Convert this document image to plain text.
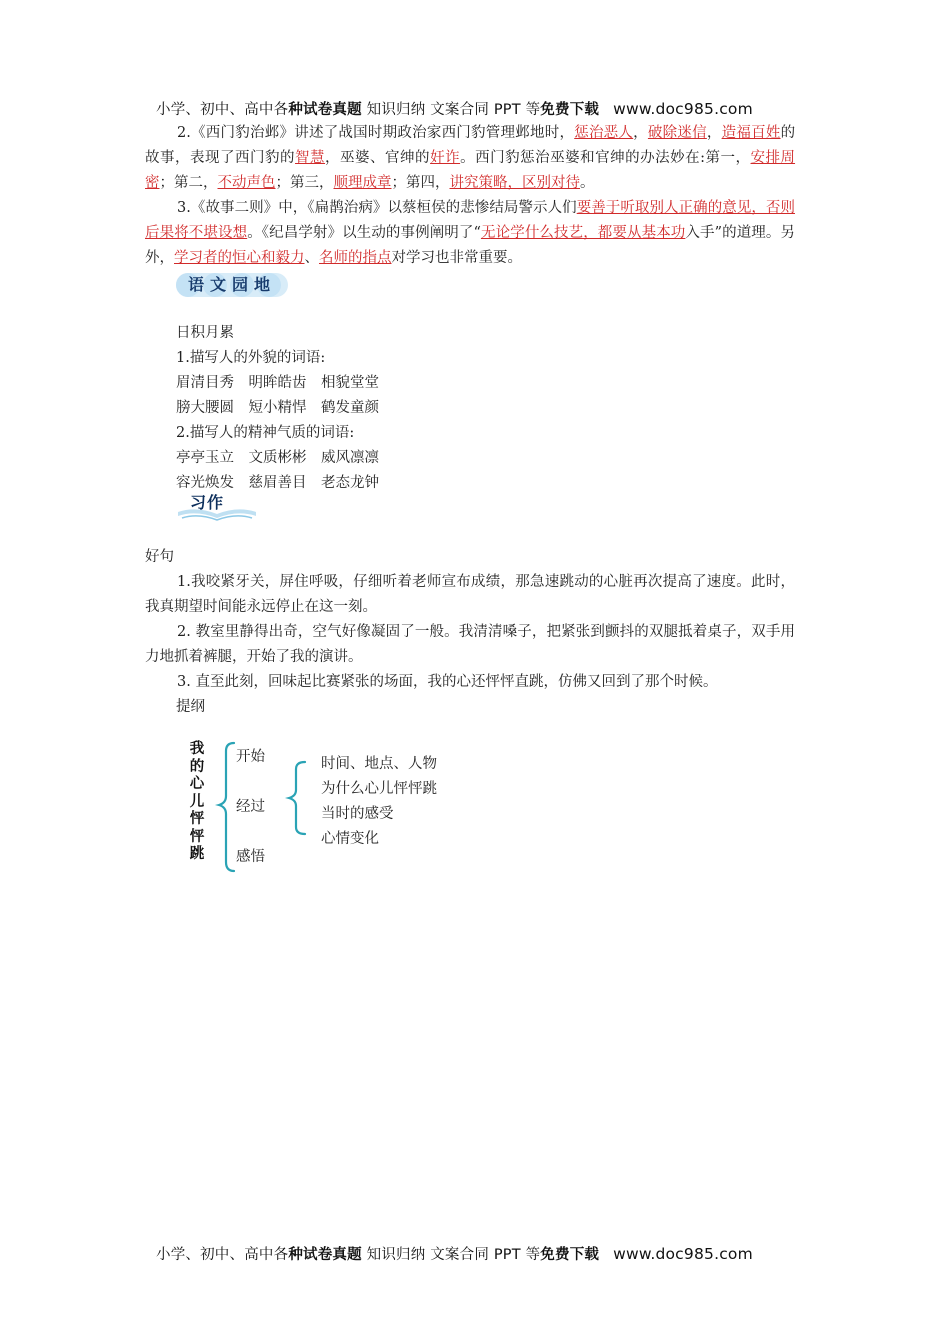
小学、初中、高中各种试卷真题 知识归纳 文案合同 PPT 等免费下载 www.doc985.com
2.《西门豹治邺》讲述了战国时期政治家西门豹管理邺地时，惩治恶人，破除迷信，造福百姓的故事，表现了西门豹的智慧，巫婆、官绅的奸诈。西门豹惩治巫婆和官绅的办法妙在:第一，安排周密；第二，不动声色；第三，顺理成章；第四，讲究策略，区别对待。
3.《故事二则》中，《扁鹊治病》以蔡桓侯的悲惨结局警示人们要善于听取别人正确的意见，否则后果将不堪设想。《纪昌学射》以生动的事例阐明了“无论学什么技艺，都要从基本功入手”的道理。另外，学习者的恒心和毅力、名师的指点对学习也非常重要。
语文园地
日积月累
1.描写人的外貌的词语:
眉清目秀　明眸皓齿　相貌堂堂
膀大腰圆　短小精悍　鹤发童颜
2.描写人的精神气质的词语:
亭亭玉立　文质彬彬　威风凛凛
容光焕发　慈眉善目　老态龙钟
习作
好句
1.我咬紧牙关，屏住呼吸，仔细听着老师宣布成绩，那急速跳动的心脏再次提高了速度。此时，我真期望时间能永远停止在这一刻。
2. 教室里静得出奇，空气好像凝固了一般。我清清嗓子，把紧张到颤抖的双腿抵着桌子，双手用力地抓着裤腿，开始了我的演讲。
3. 直至此刻，回味起比赛紧张的场面，我的心还怦怦直跳，仿佛又回到了那个时候。
提纲
我的心儿怦怦跳
开始
经过
感悟
时间、地点、人物
为什么心儿怦怦跳
当时的感受
心情变化
小学、初中、高中各种试卷真题 知识归纳 文案合同 PPT 等免费下载 www.doc985.com
